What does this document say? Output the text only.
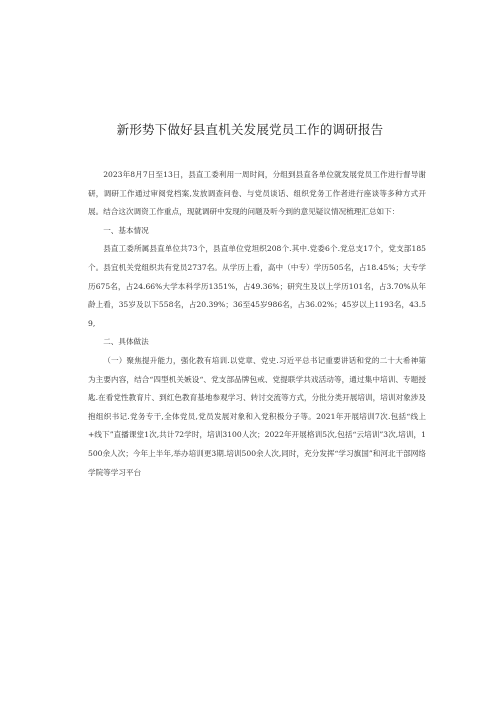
新形势下做好县直机关发展党员工作的调研报告

2023年8月7日至13日，县直工委利用一周时间，分组到县直各单位就发展党员工作进行督导谢研，调研工作通过审阅党档案,发放调查问卷、与党员谈话、组织党务工作者进行座谈等多种方式开展。结合这次调资工作重点，现就调研中发现的问题及听今到的意见疑议情况梳理汇总如下：

一、基本情况

县直工委所属县直单位共73个，县直单位党坦织208个.其中.党委6个.党总支17个，党支部185个。县宜机关党组织共有党员2737名。从学历上看，高中（中专）学历505名，占18.45%；大专学历675名，占24.66%大学本科学历1351%，占49.36%；研究生及以上学历101名，占3.70%从年龄上看，35岁及以下558名，占20.39%；36至45岁986名，占36.02%；45岁以上1193名，43.59,

二、具体做法

（一）聚焦提升能力，强化教有培训.以党章、党史.习近平总书记重要讲话和党的二十大希神第为主要内容，结合“四型机关嫉设“、党支部品牌包戒、党提联学共戏活动等，通过集中培训、专题授匙.在看党性教育片、到红色教育基地参观学习、转讨交流等方式，分批分类开展培训，培训对象涉及抱组织书记.党务专干,全体党员,党员发展对象和入党积极分子等。2021年开展培训7次.包括“线上+线下”直播课堂1次,共计72学时，培训3100人次；2022年开展格训5次,包括“云培训”3次,培训，1500余人次；今年上半年,举办培训更3期.培训500余人次,同时，充分发挥“学习旗国”和河北干部网络学院等学习平台
